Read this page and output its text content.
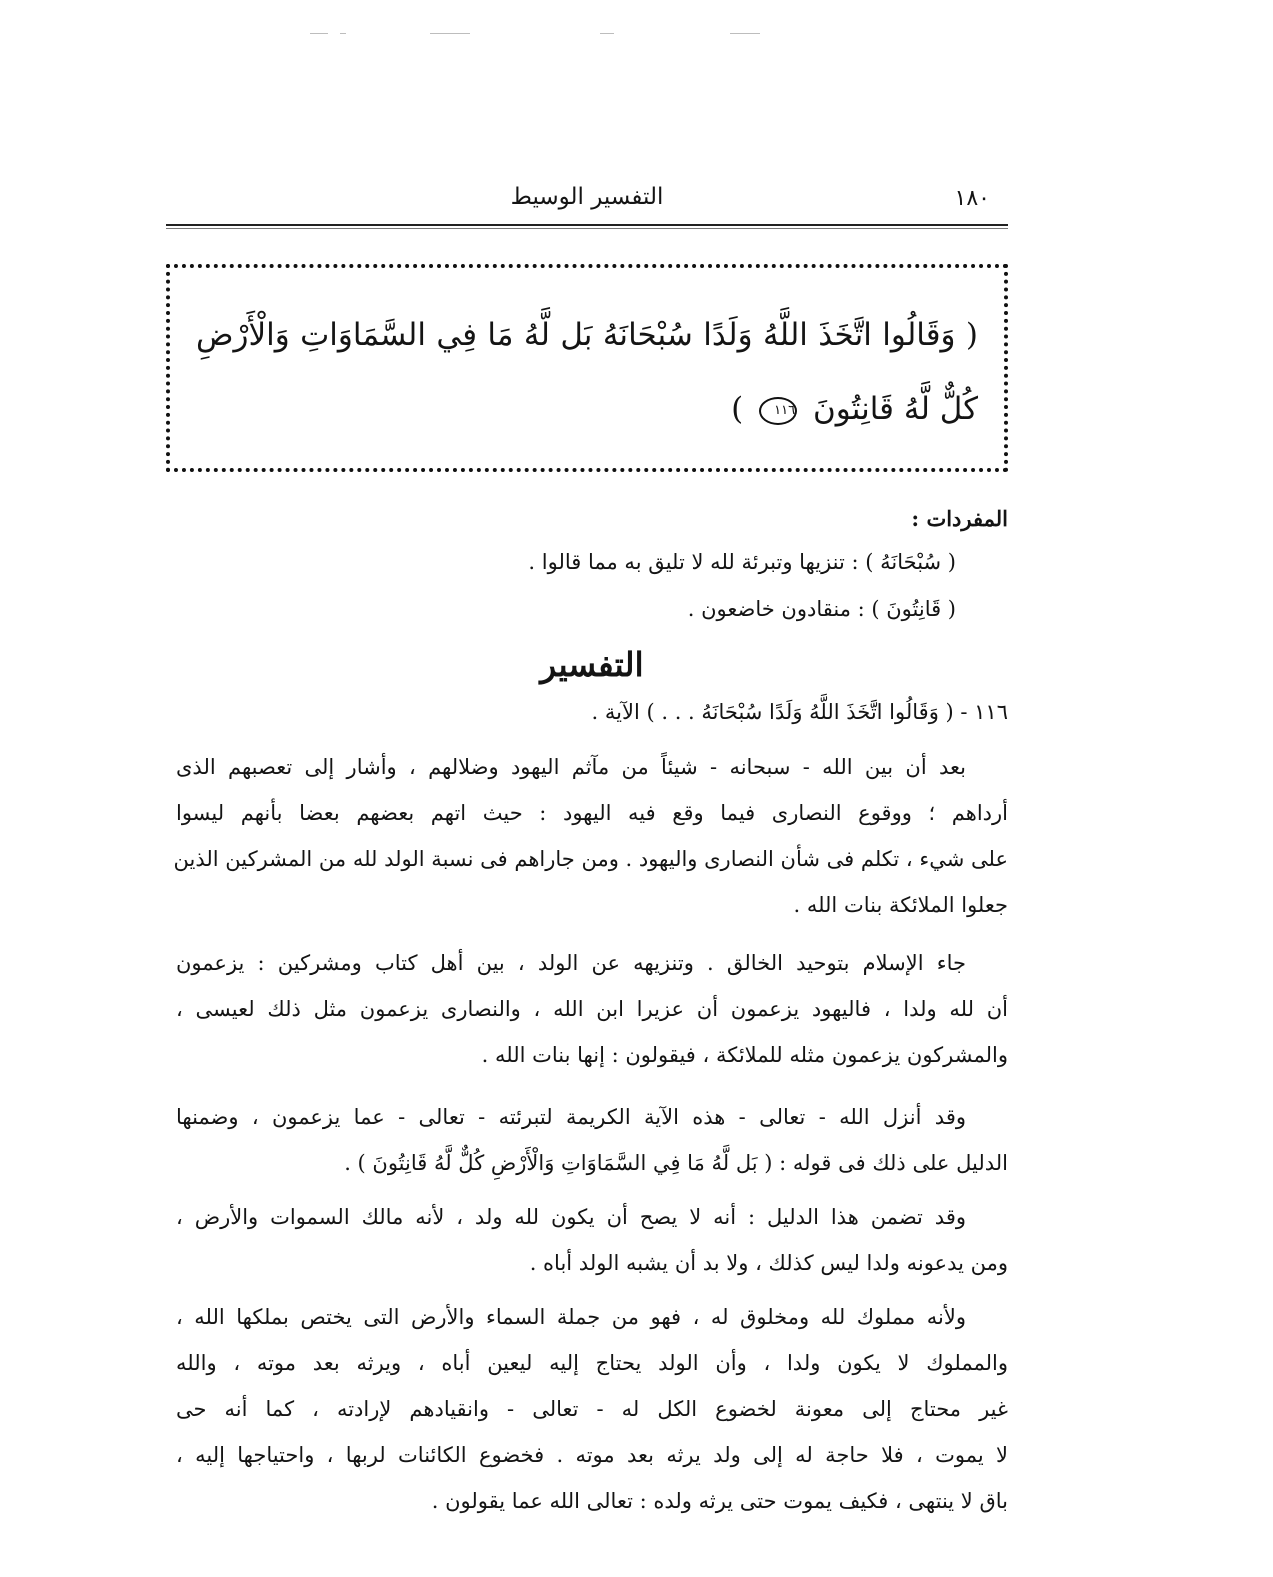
التفسير الوسيط	١٨٠
( وَقَالُوا اتَّخَذَ اللَّهُ وَلَدًا سُبْحَانَهُ بَل لَّهُ مَا فِي السَّمَاوَاتِ وَالْأَرْضِ
كُلٌّ لَّهُ قَانِتُونَ ١١٦ )
المفردات :
( سُبْحَانَهُ ) : تنزيها وتبرئة لله لا تليق به مما قالوا .
( قَانِتُونَ ) : منقادون خاضعون .
التفسير
١١٦ - ( وَقَالُوا اتَّخَذَ اللَّهُ وَلَدًا سُبْحَانَهُ . . . ) الآية .
بعد أن بين الله - سبحانه - شيئاً من مآثم اليهود وضلالهم ، وأشار إلى تعصبهم الذى
أرداهم ؛ ووقوع النصارى فيما وقع فيه اليهود : حيث اتهم بعضهم بعضا بأنهم ليسوا
على شيء ، تكلم فى شأن النصارى واليهود . ومن جاراهم فى نسبة الولد لله من المشركين الذين
جعلوا الملائكة بنات الله .
جاء الإسلام بتوحيد الخالق . وتنزيهه عن الولد ، بين أهل كتاب ومشركين : يزعمون
أن لله ولدا ، فاليهود يزعمون أن عزيرا ابن الله ، والنصارى يزعمون مثل ذلك لعيسى ،
والمشركون يزعمون مثله للملائكة ، فيقولون : إنها بنات الله .
وقد أنزل الله - تعالى - هذه الآية الكريمة لتبرئته - تعالى - عما يزعمون ، وضمنها
الدليل على ذلك فى قوله : ( بَل لَّهُ مَا فِي السَّمَاوَاتِ وَالْأَرْضِ كُلٌّ لَّهُ قَانِتُونَ ) .
وقد تضمن هذا الدليل : أنه لا يصح أن يكون لله ولد ، لأنه مالك السموات والأرض ،
ومن يدعونه ولدا ليس كذلك ، ولا بد أن يشبه الولد أباه .
ولأنه مملوك لله ومخلوق له ، فهو من جملة السماء والأرض التى يختص بملكها الله ،
والمملوك لا يكون ولدا ، وأن الولد يحتاج إليه ليعين أباه ، ويرثه بعد موته ، والله
غير محتاج إلى معونة لخضوع الكل له - تعالى - وانقيادهم لإرادته ، كما أنه حى
لا يموت ، فلا حاجة له إلى ولد يرثه بعد موته . فخضوع الكائنات لربها ، واحتياجها إليه ،
باق لا ينتهى ، فكيف يموت حتى يرثه ولده : تعالى الله عما يقولون .
